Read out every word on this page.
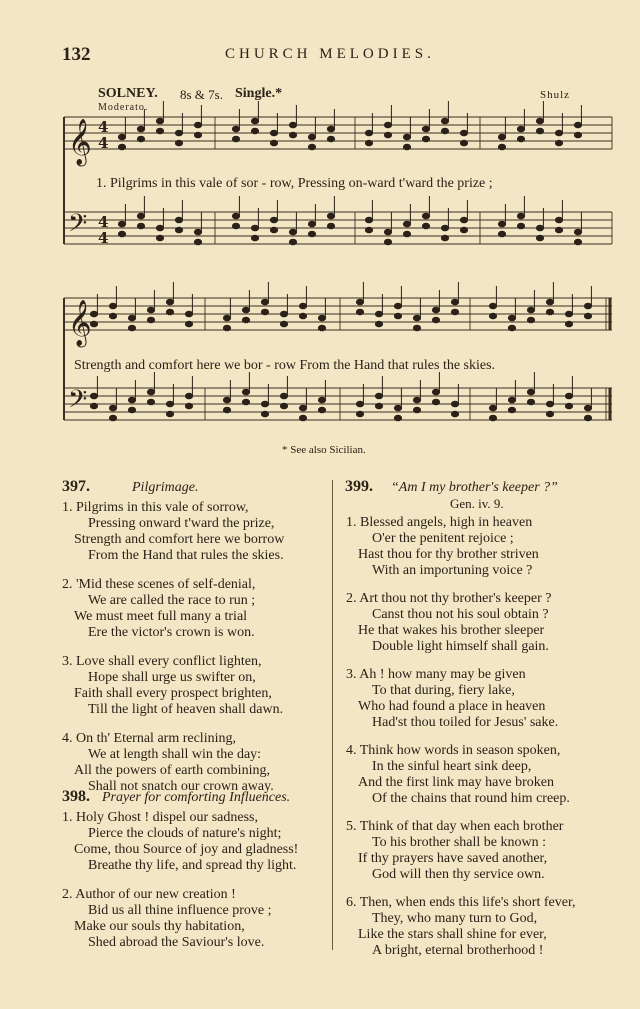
132	CHURCH MELODIES.
SOLNEY. 8s & 7s. Single.*	Shulz
Moderato.
𝄞 4
4
𝄢 4
4
𝄞
𝄢
1. Pilgrims in this vale of sor - row, Pressing on-ward t'ward the prize ;
Strength and comfort here we bor - row From the Hand that rules the skies.
* See also Sicilian.
397.	Pilgrimage.
1. Pilgrims in this vale of sorrow,
Pressing onward t'ward the prize,
Strength and comfort here we borrow
From the Hand that rules the skies.
2. 'Mid these scenes of self-denial,
We are called the race to run ;
We must meet full many a trial
Ere the victor's crown is won.
3. Love shall every conflict lighten,
Hope shall urge us swifter on,
Faith shall every prospect brighten,
Till the light of heaven shall dawn.
4. On th' Eternal arm reclining,
We at length shall win the day:
All the powers of earth combining,
Shall not snatch our crown away.
398. Prayer for comforting Influences.
1. Holy Ghost ! dispel our sadness,
Pierce the clouds of nature's night;
Come, thou Source of joy and gladness!
Breathe thy life, and spread thy light.
2. Author of our new creation !
Bid us all thine influence prove ;
Make our souls thy habitation,
Shed abroad the Saviour's love.
399. “Am I my brother's keeper ?”
Gen. iv. 9.
1. Blessed angels, high in heaven
O'er the penitent rejoice ;
Hast thou for thy brother striven
With an importuning voice ?
2. Art thou not thy brother's keeper ?
Canst thou not his soul obtain ?
He that wakes his brother sleeper
Double light himself shall gain.
3. Ah ! how many may be given
To that during, fiery lake,
Who had found a place in heaven
Had'st thou toiled for Jesus' sake.
4. Think how words in season spoken,
In the sinful heart sink deep,
And the first link may have broken
Of the chains that round him creep.
5. Think of that day when each brother
To his brother shall be known :
If thy prayers have saved another,
God will then thy service own.
6. Then, when ends this life's short fever,
They, who many turn to God,
Like the stars shall shine for ever,
A bright, eternal brotherhood !
